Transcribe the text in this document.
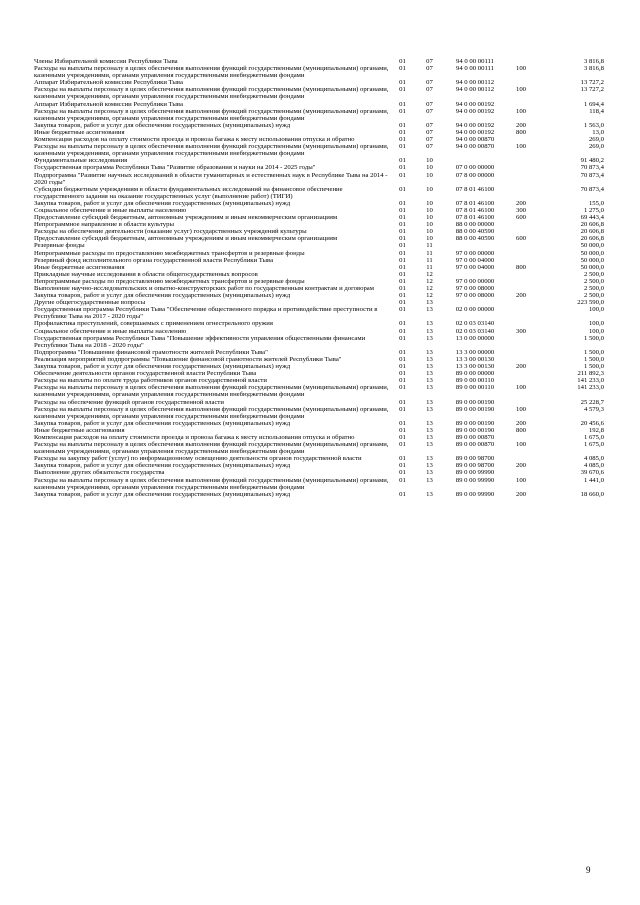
Члены Избирательной комиссии Республики Тыва	01	07	94 0 00 00111		3 816,8
Расходы на выплаты персоналу в целях обеспечения выполнения функций государственными (муниципальными) органами, казенными учреждениями, органами управления государственными внебюджетными фондами	01	07	94 0 00 00111	100	3 816,8
Аппарат Избирательной комиссии Республики Тыва	01	07	94 0 00 00112		13 727,2
Расходы на выплаты персоналу в целях обеспечения выполнения функций государственными (муниципальными) органами, казенными учреждениями, органами управления государственными внебюджетными фондами	01	07	94 0 00 00112	100	13 727,2
Аппарат Избирательной комиссии Республики Тыва	01	07	94 0 00 00192		1 694,4
Расходы на выплаты персоналу в целях обеспечения выполнения функций государственными (муниципальными) органами, казенными учреждениями, органами управления государственными внебюджетными фондами	01	07	94 0 00 00192	100	118,4
Закупка товаров, работ и услуг для обеспечения государственных (муниципальных) нужд	01	07	94 0 00 00192	200	1 563,0
Иные бюджетные ассигнования	01	07	94 0 00 00192	800	13,0
Компенсация расходов на оплату стоимости проезда и провоза багажа к месту использования отпуска и обратно	01	07	94 0 00 00870		269,0
Расходы на выплаты персоналу в целях обеспечения выполнения функций государственными (муниципальными) органами, казенными учреждениями, органами управления государственными внебюджетными фондами	01	07	94 0 00 00870	100	269,0
Фундаментальные исследования	01	10			91 480,2
Государственная программа Республики Тыва "Развитие образования и науки на 2014 - 2025 годы"	01	10	07 0 00 00000		70 873,4
Подпрограмма "Развитие научных исследований в области гуманитарных и естественных наук в Республике Тыва на 2014 - 2020 годы"	01	10	07 8 00 00000		70 873,4
Субсидии бюджетным учреждениям в области фундаментальных исследований на финансовое обеспечение государственного задания на оказание государственных услуг (выполнение работ) (ТИГИ)	01	10	07 8 01 46100		70 873,4
Закупка товаров, работ и услуг для обеспечения государственных (муниципальных) нужд	01	10	07 8 01 46100	200	155,0
Социальное обеспечение и иные выплаты населению	01	10	07 8 01 46100	300	1 275,0
Предоставление субсидий бюджетным, автономным учреждениям и иным некоммерческим организациям	01	10	07 8 01 46100	600	69 443,4
Непрограммное направление в области культуры	01	10	88 0 00 00000		20 606,8
Расходы на обеспечение деятельности (оказание услуг) государственных учреждений культуры	01	10	88 0 00 40590		20 606,8
Предоставление субсидий бюджетным, автономным учреждениям и иным некоммерческим организациям	01	10	88 0 00 40590	600	20 606,8
Резервные фонды	01	11			50 000,0
Непрограммные расходы по предоставлению межбюджетных трансфертов и резервные фонды	01	11	97 0 00 00000		50 000,0
Резервный фонд исполнительного органа государственной власти Республики Тыва	01	11	97 0 00 04000		50 000,0
Иные бюджетные ассигнования	01	11	97 0 00 04000	800	50 000,0
Прикладные научные исследования в области общегосударственных вопросов	01	12			2 500,0
Непрограммные расходы по предоставлению межбюджетных трансфертов и резервные фонды	01	12	97 0 00 00000		2 500,0
Выполнение научно-исследовательских и опытно-конструкторских работ по государственным контрактам и договорам	01	12	97 0 00 08000		2 500,0
Закупка товаров, работ и услуг для обеспечения государственных (муниципальных) нужд	01	12	97 0 00 08000	200	2 500,0
Другие общегосударственные вопросы	01	13			223 590,0
Государственная программа Республики Тыва "Обеспечение общественного порядка и противодействие преступности в Республике Тыва на 2017 - 2020 годы"	01	13	02 0 00 00000		100,0
Профилактика преступлений, совершаемых с применением огнестрельного оружия	01	13	02 0 03 03140		100,0
Социальное обеспечение и иные выплаты населению	01	13	02 0 03 03140	300	100,0
Государственная программа Республики Тыва "Повышение эффективности управления общественными финансами Республики Тыва на 2018 - 2020 годы"	01	13	13 0 00 00000		1 500,0
Подпрограмма "Повышение финансовой грамотности жителей Республики Тыва"	01	13	13 3 00 00000		1 500,0
Реализация мероприятий подпрограммы "Повышение финансовой грамотности жителей Республики Тыва"	01	13	13 3 00 00130		1 500,0
Закупка товаров, работ и услуг для обеспечения государственных (муниципальных) нужд	01	13	13 3 00 00130	200	1 500,0
Обеспечение деятельности органов государственной власти Республики Тыва	01	13	89 0 00 00000		211 892,3
Расходы на выплаты по оплате труда работников органов государственной власти	01	13	89 0 00 00110		141 233,0
Расходы на выплаты персоналу в целях обеспечения выполнения функций государственными (муниципальными) органами, казенными учреждениями, органами управления государственными внебюджетными фондами	01	13	89 0 00 00110	100	141 233,0
Расходы на обеспечение функций органов государственной власти	01	13	89 0 00 00190		25 228,7
Расходы на выплаты персоналу в целях обеспечения выполнения функций государственными (муниципальными) органами, казенными учреждениями, органами управления государственными внебюджетными фондами	01	13	89 0 00 00190	100	4 579,3
Закупка товаров, работ и услуг для обеспечения государственных (муниципальных) нужд	01	13	89 0 00 00190	200	20 456,6
Иные бюджетные ассигнования	01	13	89 0 00 00190	800	192,8
Компенсация расходов на оплату стоимости проезда и провоза багажа к месту использования отпуска и обратно	01	13	89 0 00 00870		1 675,0
Расходы на выплаты персоналу в целях обеспечения выполнения функций государственными (муниципальными) органами, казенными учреждениями, органами управления государственными внебюджетными фондами	01	13	89 0 00 00870	100	1 675,0
Расходы на закупку работ (услуг) по информационному освещению деятельности органов государственной власти	01	13	89 0 00 98700		4 085,0
Закупка товаров, работ и услуг для обеспечения государственных (муниципальных) нужд	01	13	89 0 00 98700	200	4 085,0
Выполнение других обязательств государства	01	13	89 0 00 99990		39 670,6
Расходы на выплаты персоналу в целях обеспечения выполнения функций государственными (муниципальными) органами, казенными учреждениями, органами управления государственными внебюджетными фондами	01	13	89 0 00 99990	100	1 441,0
Закупка товаров, работ и услуг для обеспечения государственных (муниципальных) нужд	01	13	89 0 00 99990	200	18 660,0
9
